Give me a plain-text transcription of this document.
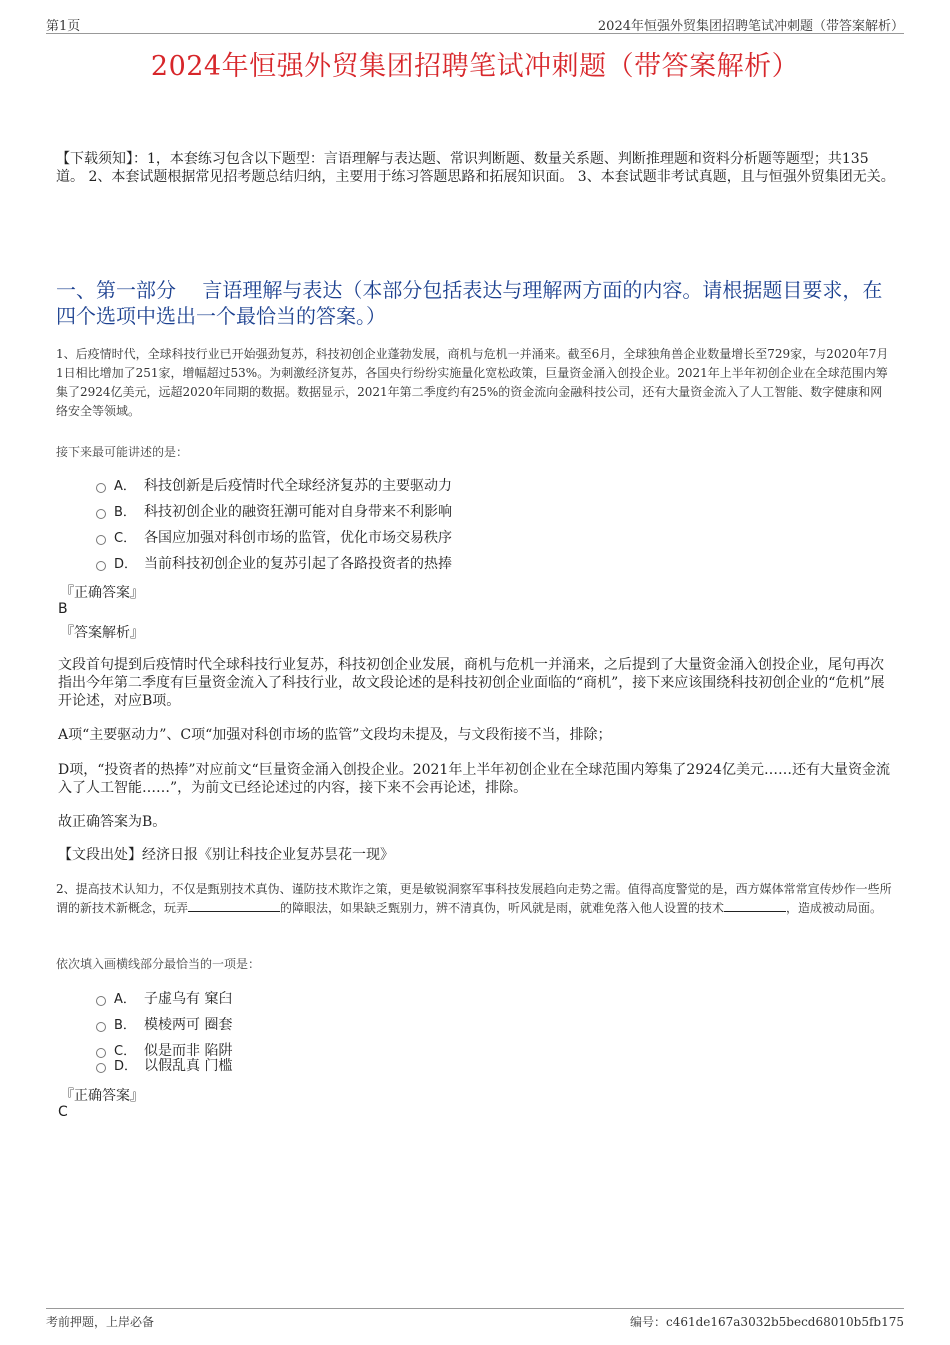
第1页	2024年恒强外贸集团招聘笔试冲刺题（带答案解析）
2024年恒强外贸集团招聘笔试冲刺题（带答案解析）
【下载须知】：1，本套练习包含以下题型：言语理解与表达题、常识判断题、数量关系题、判断推理题和资料分析题等题型；共135道。 2、本套试题根据常见招考题总结归纳，主要用于练习答题思路和拓展知识面。 3、本套试题非考试真题，且与恒强外贸集团无关。
一、第一部分　 言语理解与表达（本部分包括表达与理解两方面的内容。请根据题目要求，在四个选项中选出一个最恰当的答案。）
1、后疫情时代，全球科技行业已开始强劲复苏，科技初创企业蓬勃发展，商机与危机一并涌来。截至6月，全球独角兽企业数量增长至729家，与2020年7月1日相比增加了251家，增幅超过53%。为刺激经济复苏，各国央行纷纷实施量化宽松政策，巨量资金涌入创投企业。2021年上半年初创企业在全球范围内筹集了2924亿美元，远超2020年同期的数据。数据显示，2021年第二季度约有25%的资金流向金融科技公司，还有大量资金流入了人工智能、数字健康和网络安全等领域。
接下来最可能讲述的是：
A． 科技创新是后疫情时代全球经济复苏的主要驱动力
B． 科技初创企业的融资狂潮可能对自身带来不利影响
C． 各国应加强对科创市场的监管，优化市场交易秩序
D． 当前科技初创企业的复苏引起了各路投资者的热捧
『正确答案』
B
『答案解析』
文段首句提到后疫情时代全球科技行业复苏，科技初创企业发展，商机与危机一并涌来，之后提到了大量资金涌入创投企业，尾句再次指出今年第二季度有巨量资金流入了科技行业，故文段论述的是科技初创企业面临的“商机”，接下来应该围绕科技初创企业的“危机”展开论述，对应B项。
A项“主要驱动力”、C项“加强对科创市场的监管”文段均未提及，与文段衔接不当，排除；
D项，“投资者的热捧”对应前文“巨量资金涌入创投企业。2021年上半年初创企业在全球范围内筹集了2924亿美元……还有大量资金流入了人工智能……”，为前文已经论述过的内容，接下来不会再论述，排除。
故正确答案为B。
【文段出处】经济日报《别让科技企业复苏昙花一现》
2、提高技术认知力，不仅是甄别技术真伪、谨防技术欺诈之策，更是敏锐洞察军事科技发展趋向走势之需。值得高度警觉的是，西方媒体常常宣传炒作一些所谓的新技术新概念，玩弄	的障眼法，如果缺乏甄别力，辨不清真伪，听风就是雨，就难免落入他人设置的技术	，造成被动局面。
依次填入画横线部分最恰当的一项是：
A． 子虚乌有 窠臼
B． 模棱两可 圈套
C． 似是而非 陷阱
D． 以假乱真 门槛
『正确答案』
C
考前押题，上岸必备	编号：c461de167a3032b5becd68010b5fb175
